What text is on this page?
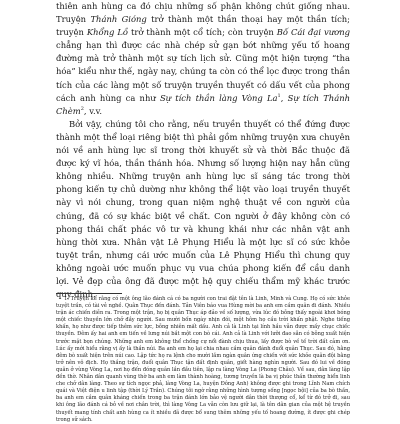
thiên anh hùng ca đó chịu những số phận không chút giống nhau. Truyện Thánh Gióng trở thành một thần thoại hay một thần tích; truyện Khổng Lồ trở thành một cổ tích; còn truyện Bố Cái đại vương chẳng hạn thì được các nhà chép sử gạn bớt những yếu tố hoang đường mà trở thành một sự tích lịch sử. Cũng một hiện tượng “tha hóa” kiểu như thế, ngày nay, chúng ta còn có thể lọc được trong thần tích của các làng một số truyện truyền thuyết có dấu vết của phong cách anh hùng ca như Sự tích thần làng Vòng La$^1$, Sự tích Thánh Chèm$^2$, v.v.

Bởi vậy, chúng tôi cho rằng, nếu truyền thuyết có thể đứng được thành một thể loại riêng biệt thì phải gồm những truyện xưa chuyên nói về anh hùng lực sĩ trong thời khuyết sử và thời Bắc thuộc đã được ký vĩ hóa, thần thánh hóa. Nhưng số lượng hiện nay hẳn cũng không nhiều. Những truyện anh hùng lực sĩ sáng tác trong thời phong kiến tự chủ dường như không thể liệt vào loại truyền thuyết này vì nói chung, trong quan niệm nghệ thuật về con người của chúng, đã có sự khác biệt về chất. Con người ở đây không còn có phong thái chất phác vô tư và khung khái như các nhân vật anh hùng thời xưa. Nhân vật Lê Phụng Hiểu là một lực sĩ có sức khỏe tuyệt trần, nhưng cái ước muốn của Lê Phụng Hiểu thì chung quy không ngoài ước muốn phục vụ vua chúa phong kiến để cầu danh lợi. Vẻ đẹp của ông đã được một hệ quy chiếu thẩm mỹ khác trước quy định.

1. Truyện kể rằng có một ông lão đánh cá có ba người con trai đặt tên là Linh, Minh và Cung. Họ có sức khỏe tuyệt trần, có tài vẻ nghề. Quân Thục đến đánh. Tản Viên báo vua Hùng mời ba anh em cầm quân đi đánh. Nhiều trận ác chiến diễn ra. Trong một trận, họ bị quân Thục áp đảo về số lượng, vừa lúc đó bỗng thấy ngoài khơi bóng một chiếc thuyền lớn chở đầy người. Sau mười bốn ngày nhịn đói, một hôm họ cầu trời khấn phật. Nghe tiếng khấn, họ như được tiếp thêm sức lực, bỗng nhiên mất dấu. Anh cả là Linh tại lính hầu vẫn được mấy chục chiếc thuyền. Đêm ấy hai anh em tiến về lưng núi bắt một con bò cái. Anh cả là Linh với lưỡi đao sẵn có bỗng xuất hiện trước mặt bọn chúng. Những anh em không thể chống cự nổi đành chịu thua, lấy được bò về tế trời đất cảm ơn. Lúc ấy mới hiểu rằng vị ấy là thần núi. Ba anh em họ lại chia nhau cầm quân đánh đuổi quân Thục. Sau đó, hằng đêm bò xuất hiện trên núi cao. Lập tức họ ra lệnh cho mười lăm ngàn quân ứng chiến với sức khỏe quân đội bằng trở nên vô địch. Họ thắng trận, đuổi quân Thục tận đất định quân, giết hàng nghìn người. Sau đó lui về đóng quân ở vùng Vòng La, nơi họ đến đóng quân lần đầu tiên, lập ra làng Vòng La (Phong Châu). Về sau, dân làng lập đền thờ. Nhân dân quanh vùng thờ ba anh em làm thành hoàng, tương truyền là ba vị phúc thần thường hiển linh che chở dân làng. Theo sự tích ngọc phả, làng Vòng La, huyện Đông Anh) không được ghi trong Lĩnh Nam chích quái và Việt điện u linh tập (thời Lý Trần). Chúng tôi ngờ rằng những hình tượng sống [ngọc bội] của ba bò thần, ba anh em cầm quân kháng chiến trong ba trận đánh lớn bảo vệ người dân thời thượng cổ, kể từ đó trở đi, sau khi ông lão đánh cá bỏ về nơi chân trời, thì làng Vòng La vẫn còn lưu giữ lại, là tên dân gian của một hệ truyền thuyết mang tính chất anh hùng ca ít nhiều đã được bổ sung thêm những yếu tố hoang đường, ít được ghi chép trong sử sách.
